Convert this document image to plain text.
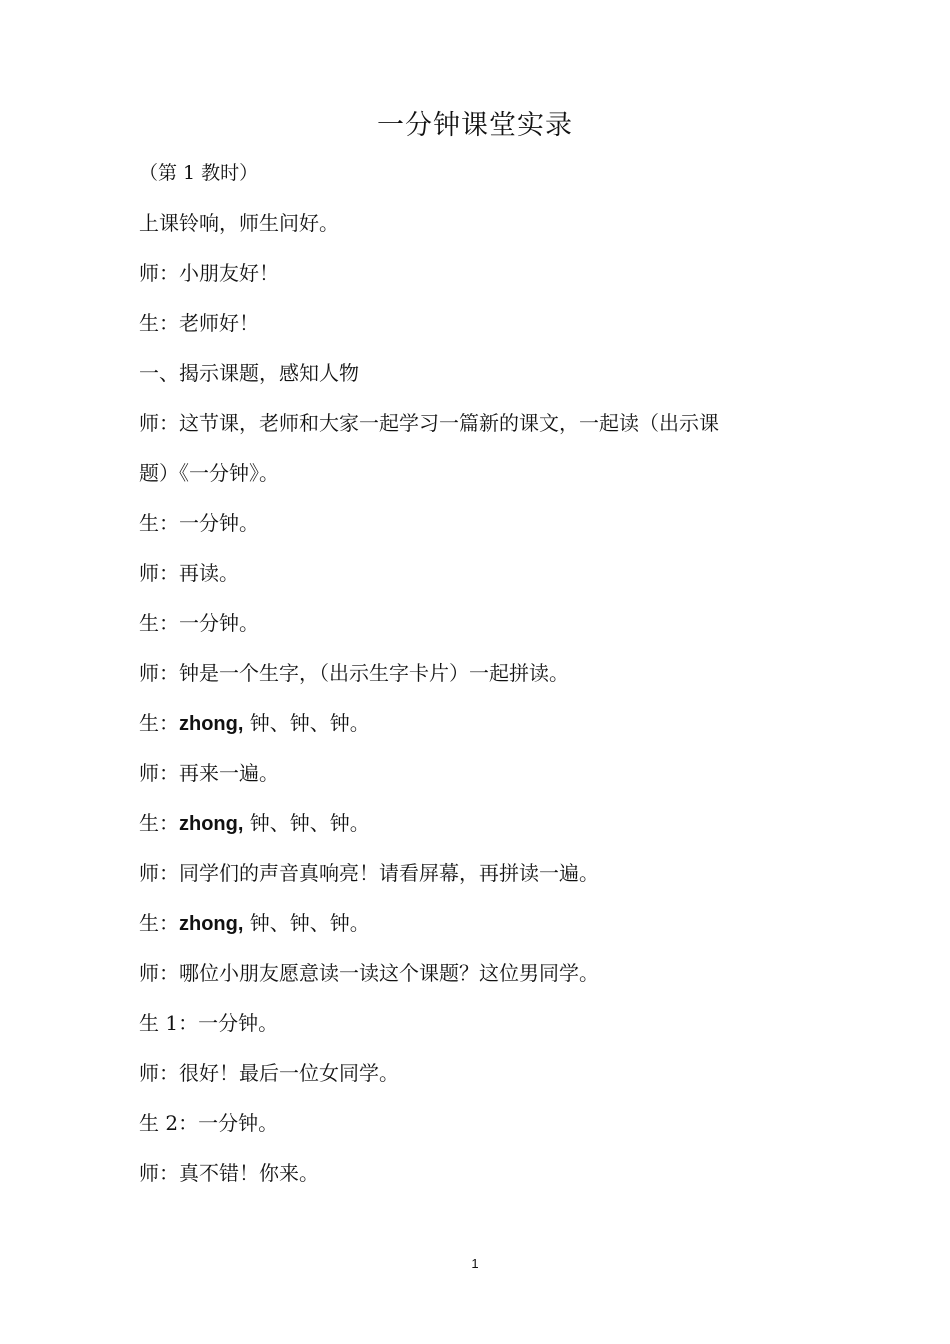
一分钟课堂实录
（第 1 教时）
上课铃响，师生问好。
师：小朋友好！
生：老师好！
一、揭示课题，感知人物
师：这节课，老师和大家一起学习一篇新的课文，一起读（出示课
题）《一分钟》。
生：一分钟。
师：再读。
生：一分钟。
师：钟是一个生字，（出示生字卡片）一起拼读。
生：zhong, 钟、钟、钟。
师：再来一遍。
生：zhong, 钟、钟、钟。
师：同学们的声音真响亮！请看屏幕，再拼读一遍。
生：zhong, 钟、钟、钟。
师：哪位小朋友愿意读一读这个课题？这位男同学。
生 1：一分钟。
师：很好！最后一位女同学。
生 2：一分钟。
师：真不错！你来。
1
